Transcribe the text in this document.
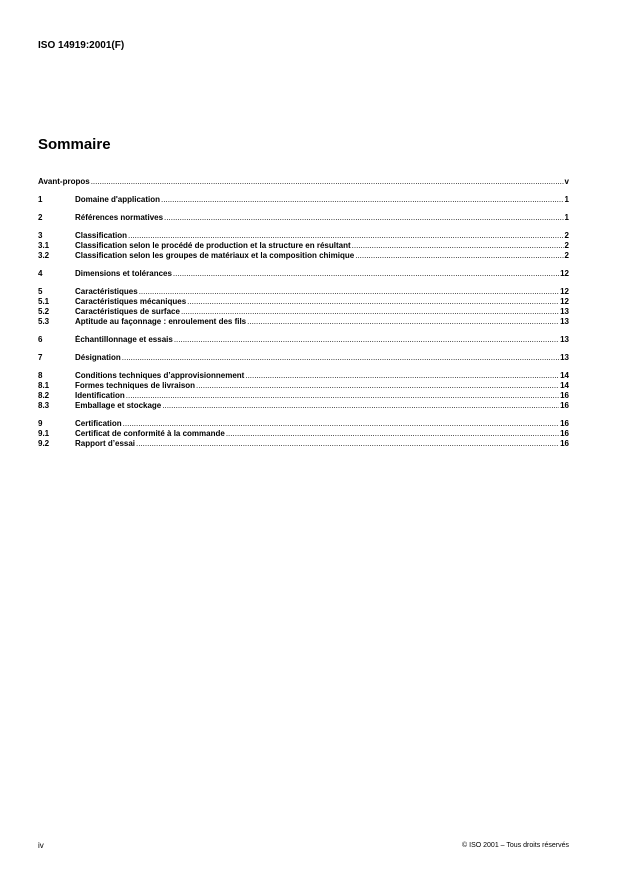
ISO 14919:2001(F)
Sommaire
Avant-propos .....	v
1	Domaine d'application .....	1
2	Références normatives .....	1
3	Classification .....	2
3.1	Classification selon le procédé de production et la structure en résultant .....	2
3.2	Classification selon les groupes de matériaux et la composition chimique .....	2
4	Dimensions et tolérances .....	12
5	Caractéristiques .....	12
5.1	Caractéristiques mécaniques .....	12
5.2	Caractéristiques de surface .....	13
5.3	Aptitude au façonnage : enroulement des fils .....	13
6	Échantillonnage et essais .....	13
7	Désignation .....	13
8	Conditions techniques d’approvisionnement .....	14
8.1	Formes techniques de livraison .....	14
8.2	Identification .....	16
8.3	Emballage et stockage .....	16
9	Certification .....	16
9.1	Certificat de conformité à la commande .....	16
9.2	Rapport d’essai .....	16
iv	© ISO 2001 – Tous droits réservés
